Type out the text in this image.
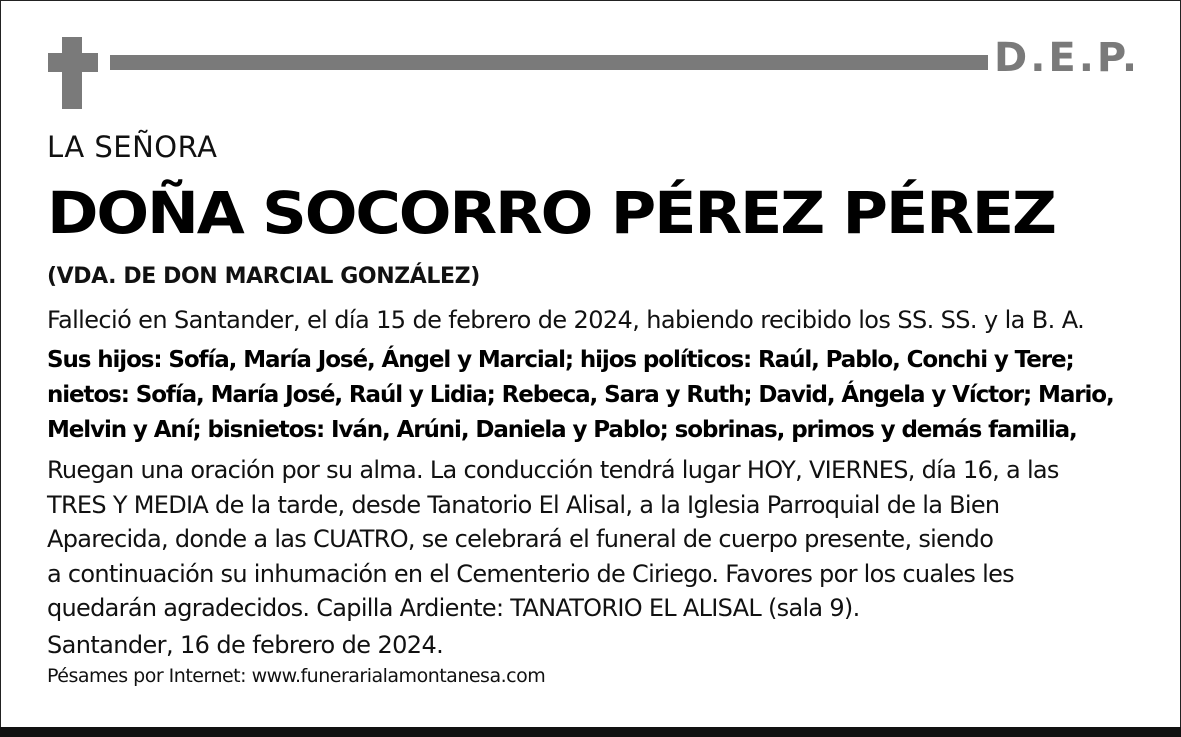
D.E.P.
LA SEÑORA
DOÑA SOCORRO PÉREZ PÉREZ
(VDA. DE DON MARCIAL GONZÁLEZ)
Falleció en Santander, el día 15 de febrero de 2024, habiendo recibido los SS. SS. y la B. A.
Sus hijos: Sofía, María José, Ángel y Marcial; hijos políticos: Raúl, Pablo, Conchi y Tere;
nietos: Sofía, María José, Raúl y Lidia; Rebeca, Sara y Ruth; David, Ángela y Víctor; Mario,
Melvin y Aní; bisnietos: Iván, Arúni, Daniela y Pablo; sobrinas, primos y demás familia,
Ruegan una oración por su alma. La conducción tendrá lugar HOY, VIERNES, día 16, a las
TRES Y MEDIA de la tarde, desde Tanatorio El Alisal, a la Iglesia Parroquial de la Bien
Aparecida, donde a las CUATRO, se celebrará el funeral de cuerpo presente, siendo
a continuación su inhumación en el Cementerio de Ciriego. Favores por los cuales les
quedarán agradecidos. Capilla Ardiente: TANATORIO EL ALISAL (sala 9).
Santander, 16 de febrero de 2024.
Pésames por Internet: www.funerarialamontanesa.com
